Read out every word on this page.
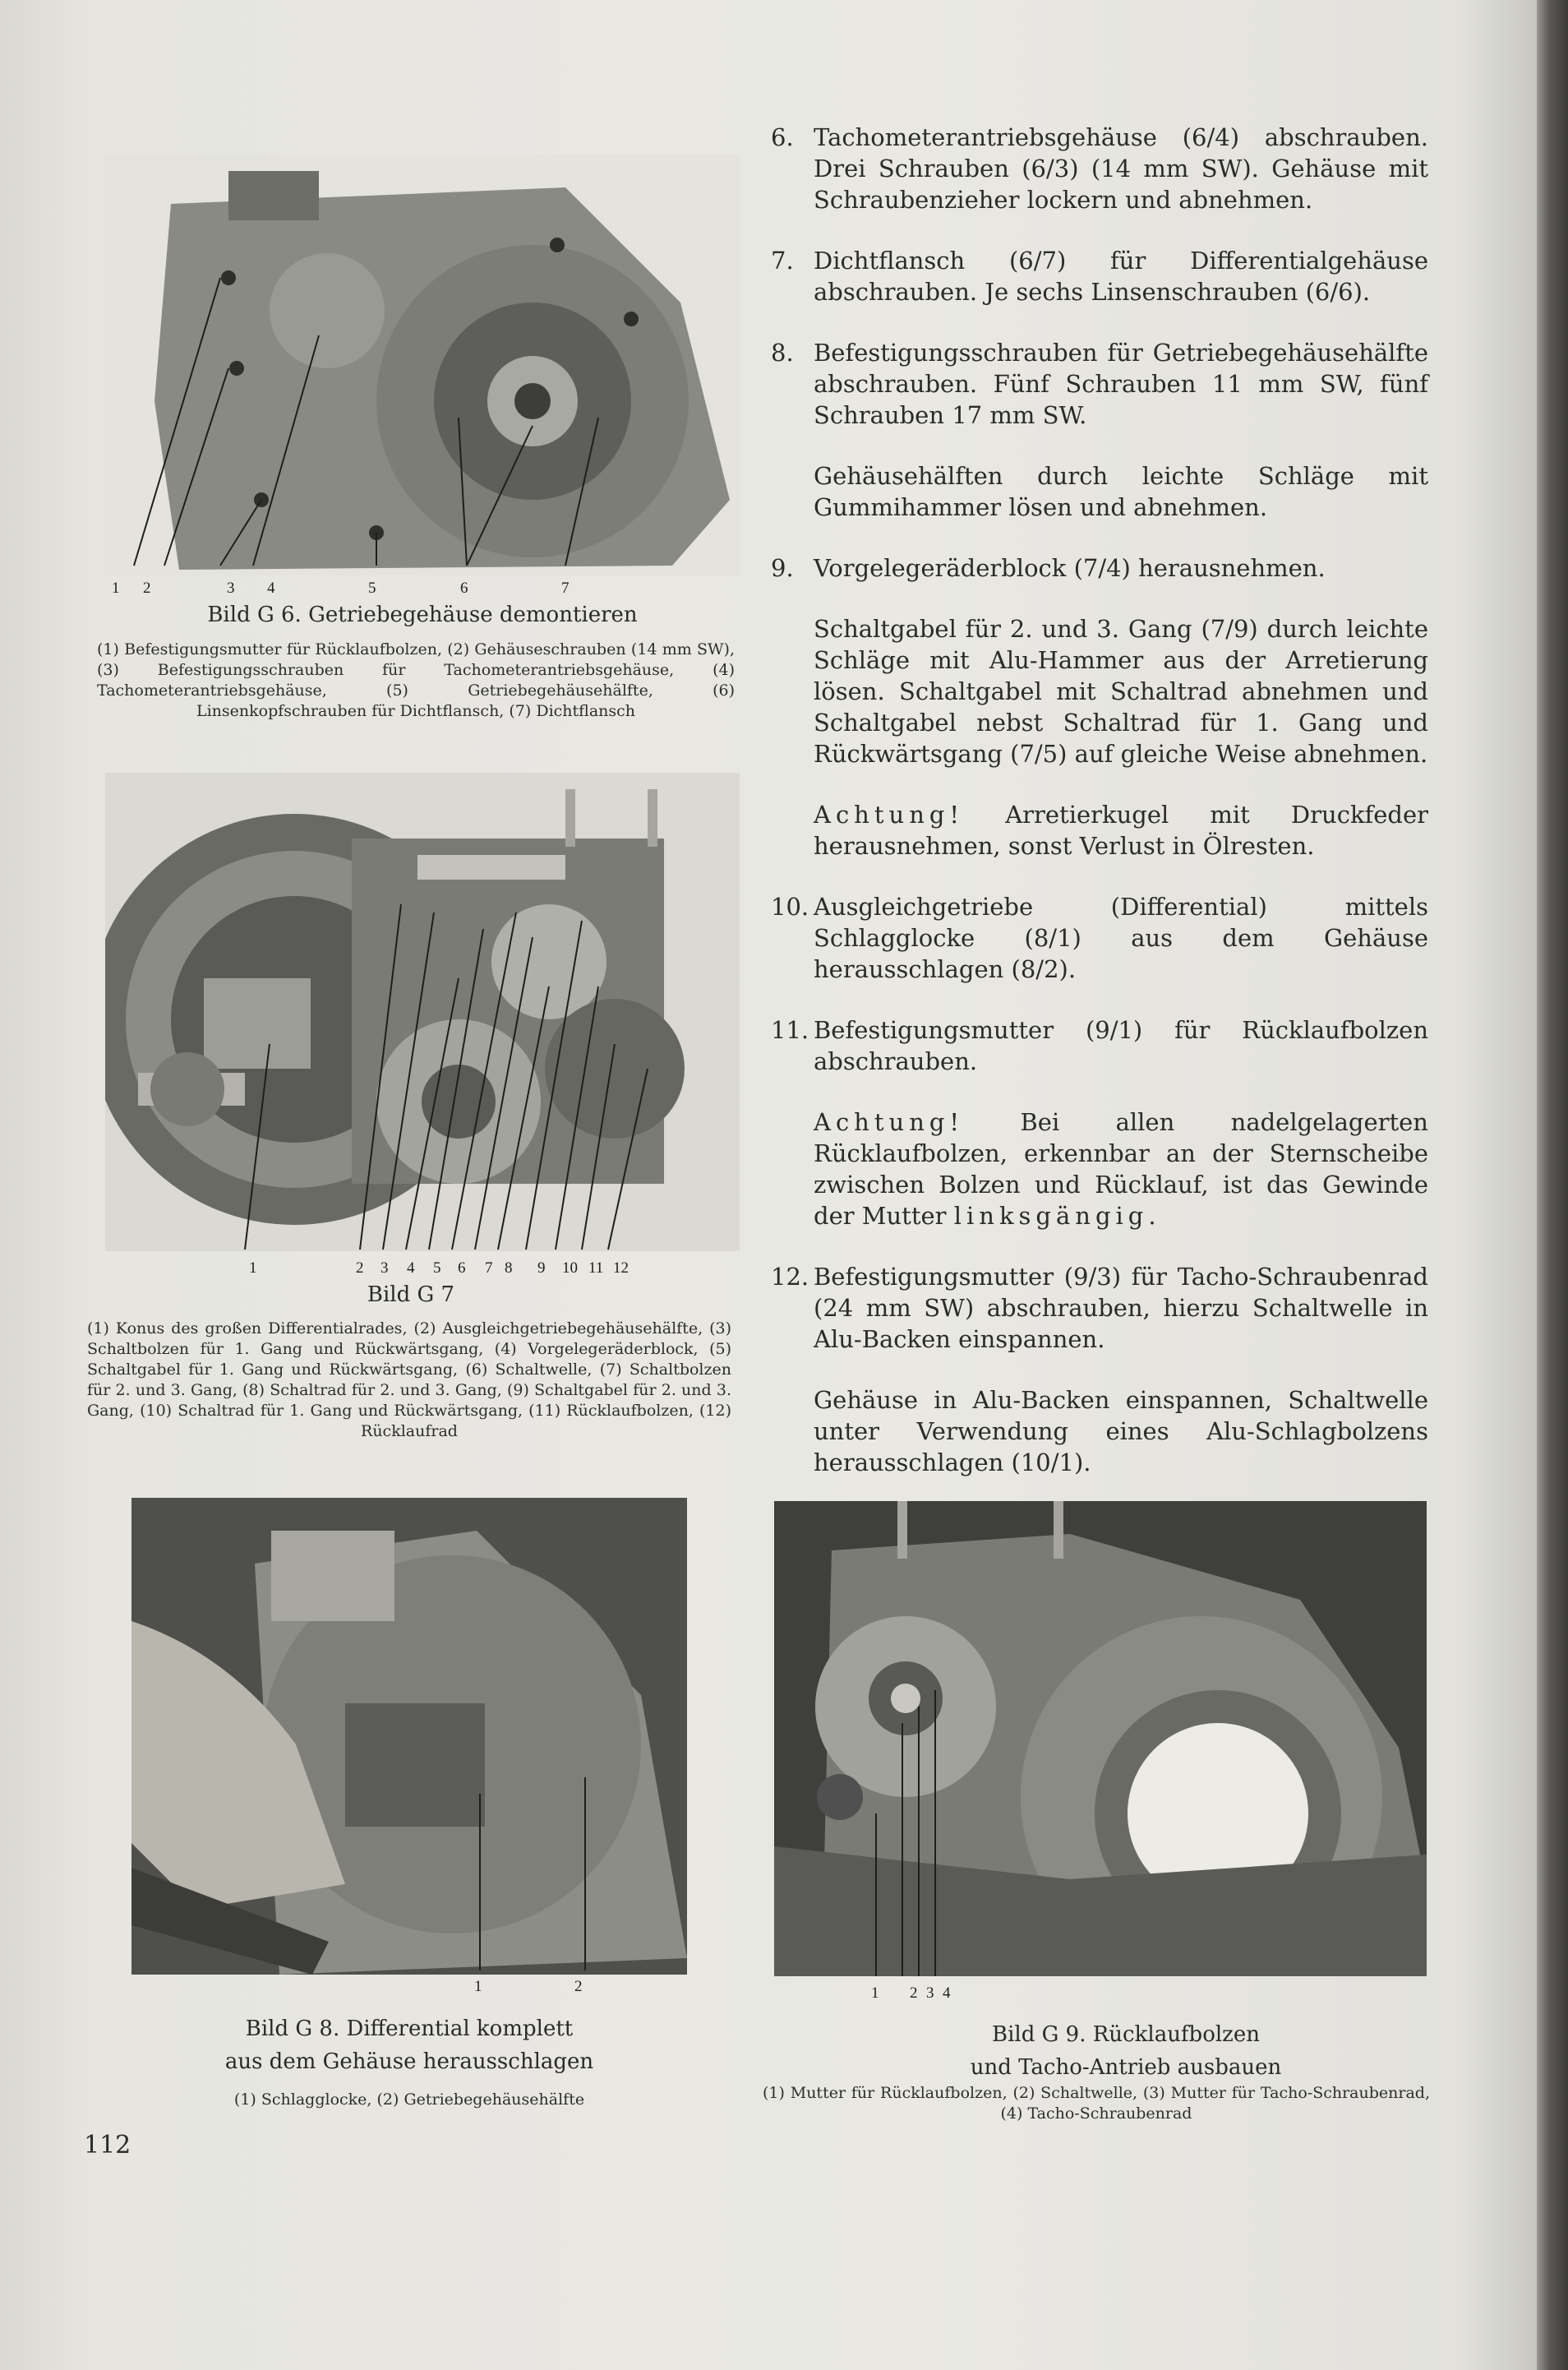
1 2	3 4	5	6	7
Bild G 6. Getriebegehäuse demontieren
(1) Befestigungsmutter für Rücklaufbolzen, (2) Gehäuseschrauben (14 mm SW), (3) Befestigungsschrauben für Tachometerantriebsgehäuse, (4) Tachometerantriebsgehäuse, (5) Getriebegehäusehälfte, (6) Linsenkopfschrauben für Dichtflansch, (7) Dichtflansch
1	2 3 4 5 6 7 8 9 10 11 12
Bild G 7
(1) Konus des großen Differentialrades, (2) Ausgleichgetriebegehäusehälfte, (3) Schaltbolzen für 1. Gang und Rückwärtsgang, (4) Vorgelegeräderblock, (5) Schaltgabel für 1. Gang und Rückwärtsgang, (6) Schaltwelle, (7) Schaltbolzen für 2. und 3. Gang, (8) Schaltrad für 2. und 3. Gang, (9) Schaltgabel für 2. und 3. Gang, (10) Schaltrad für 1. Gang und Rückwärtsgang, (11) Rücklaufbolzen, (12) Rücklaufrad
1	2
Bild G 8. Differential komplett
aus dem Gehäuse herausschlagen
(1) Schlagglocke, (2) Getriebegehäusehälfte
1 2 3 4
Bild G 9. Rücklaufbolzen
und Tacho-Antrieb ausbauen
(1) Mutter für Rücklaufbolzen, (2) Schaltwelle, (3) Mutter für Tacho-Schraubenrad, (4) Tacho-Schraubenrad
6. Tachometerantriebsgehäuse (6/4) abschrauben. Drei Schrauben (6/3) (14 mm SW). Gehäuse mit Schraubenzieher lockern und abnehmen.
7. Dichtflansch (6/7) für Differentialgehäuse abschrauben. Je sechs Linsenschrauben (6/6).
8. Befestigungsschrauben für Getriebegehäusehälfte abschrauben. Fünf Schrauben 11 mm SW, fünf Schrauben 17 mm SW.
Gehäusehälften durch leichte Schläge mit Gummihammer lösen und abnehmen.
9. Vorgelegeräderblock (7/4) herausnehmen.
Schaltgabel für 2. und 3. Gang (7/9) durch leichte Schläge mit Alu-Hammer aus der Arretierung lösen. Schaltgabel mit Schaltrad abnehmen und Schaltgabel nebst Schaltrad für 1. Gang und Rückwärtsgang (7/5) auf gleiche Weise abnehmen.
Achtung! Arretierkugel mit Druckfeder herausnehmen, sonst Verlust in Ölresten.
10. Ausgleichgetriebe (Differential) mittels Schlagglocke (8/1) aus dem Gehäuse herausschlagen (8/2).
11. Befestigungsmutter (9/1) für Rücklaufbolzen abschrauben.
Achtung! Bei allen nadelgelagerten Rücklaufbolzen, erkennbar an der Sternscheibe zwischen Bolzen und Rücklauf, ist das Gewinde der Mutter linksgängig.
12. Befestigungsmutter (9/3) für Tacho-Schraubenrad (24 mm SW) abschrauben, hierzu Schaltwelle in Alu-Backen einspannen.
Gehäuse in Alu-Backen einspannen, Schaltwelle unter Verwendung eines Alu-Schlagbolzens herausschlagen (10/1).
112
